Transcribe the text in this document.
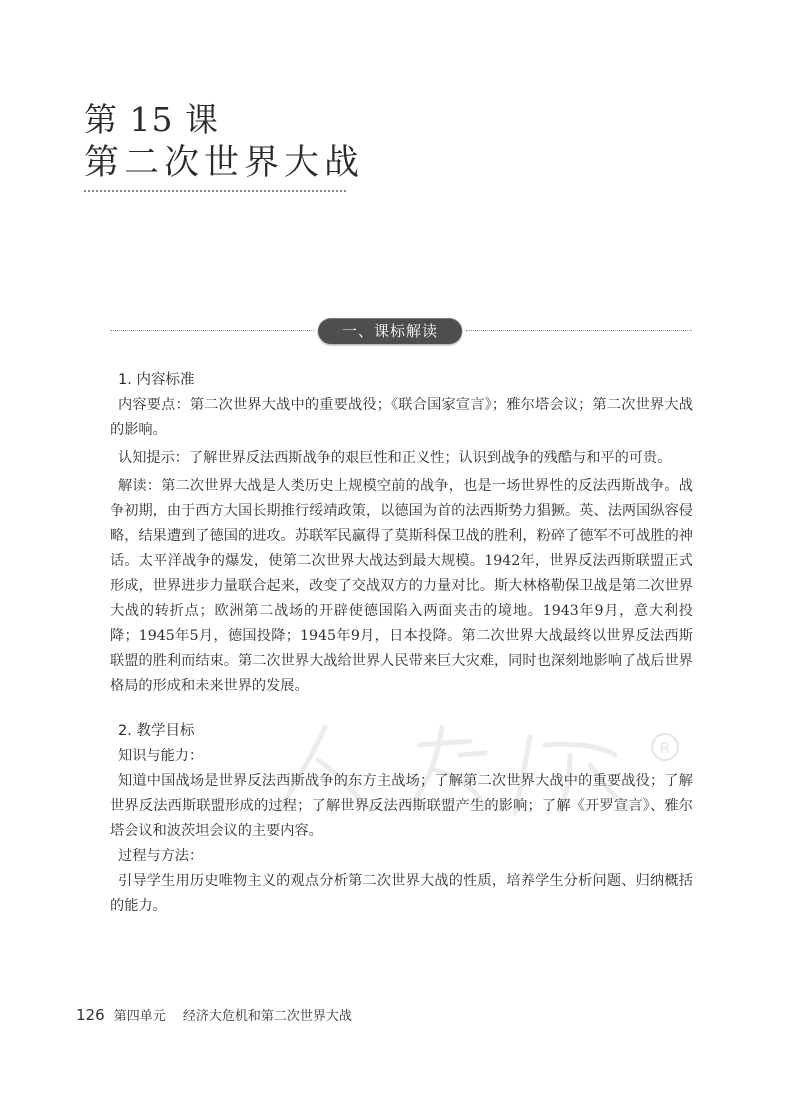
第 15 课
第二次世界大战
一、课标解读
R
1. 内容标准

内容要点：第二次世界大战中的重要战役；《联合国家宣言》；雅尔塔会议；第二次世界大战的影响。

认知提示：了解世界反法西斯战争的艰巨性和正义性；认识到战争的残酷与和平的可贵。

解读：第二次世界大战是人类历史上规模空前的战争，也是一场世界性的反法西斯战争。战争初期，由于西方大国长期推行绥靖政策，以德国为首的法西斯势力猖獗。英、法两国纵容侵略，结果遭到了德国的进攻。苏联军民赢得了莫斯科保卫战的胜利，粉碎了德军不可战胜的神话。太平洋战争的爆发，使第二次世界大战达到最大规模。1942年，世界反法西斯联盟正式形成，世界进步力量联合起来，改变了交战双方的力量对比。斯大林格勒保卫战是第二次世界大战的转折点；欧洲第二战场的开辟使德国陷入两面夹击的境地。1943年9月，意大利投降；1945年5月，德国投降；1945年9月，日本投降。第二次世界大战最终以世界反法西斯联盟的胜利而结束。第二次世界大战给世界人民带来巨大灾难，同时也深刻地影响了战后世界格局的形成和未来世界的发展。

2. 教学目标
知识与能力：

知道中国战场是世界反法西斯战争的东方主战场；了解第二次世界大战中的重要战役；了解世界反法西斯联盟形成的过程；了解世界反法西斯联盟产生的影响；了解《开罗宣言》、雅尔塔会议和波茨坦会议的主要内容。

过程与方法：

引导学生用历史唯物主义的观点分析第二次世界大战的性质，培养学生分析问题、归纳概括的能力。

126 第四单元 经济大危机和第二次世界大战
